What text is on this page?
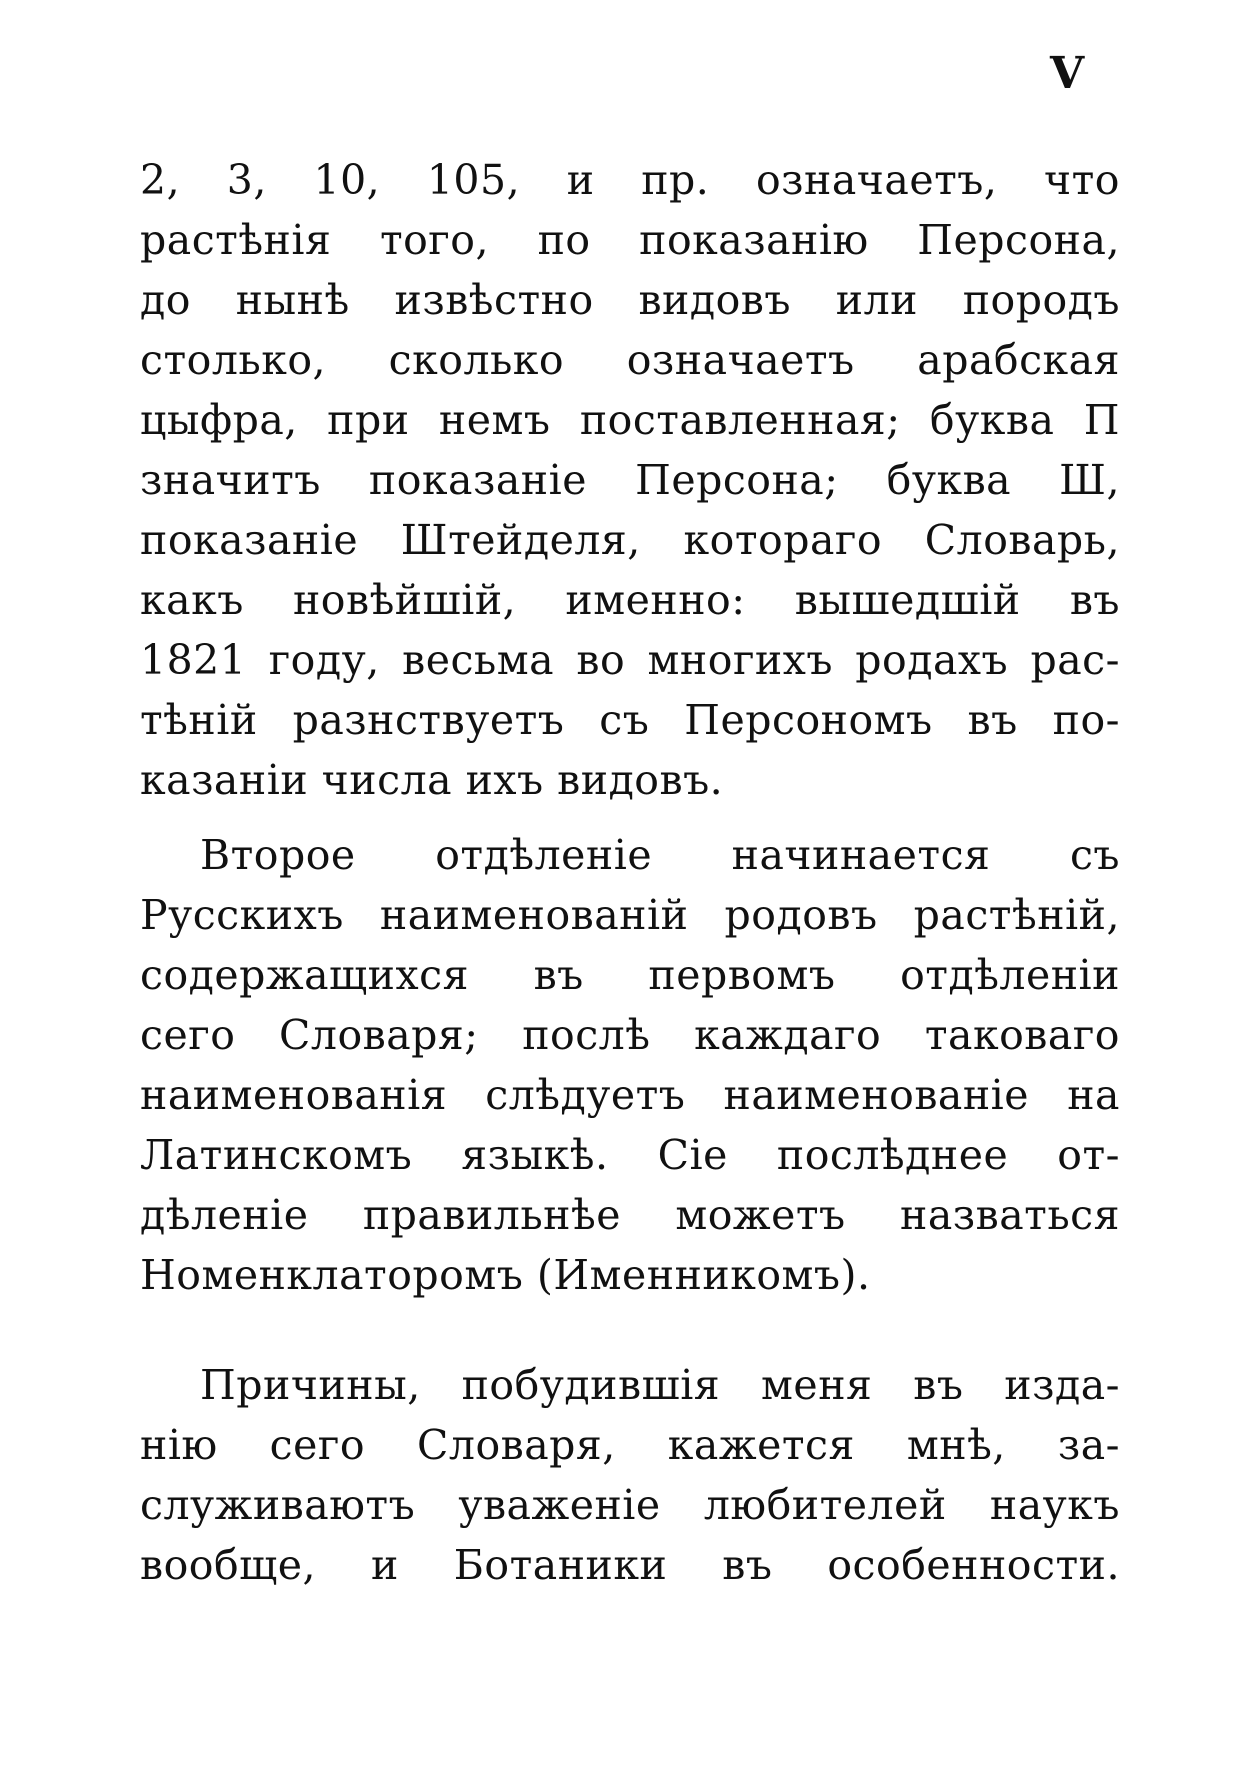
V
2, 3, 10, 105, и пр. означаетъ, что
растѣнія того, по показанію Персона,
до нынѣ извѣстно видовъ или породъ
столько, сколько означаетъ арабская
цыфра, при немъ поставленная; буква П
значитъ показаніе Персона; буква Ш,
показаніе Штейделя, котораго Словарь,
какъ новѣйшій, именно: вышедшій въ
1821 году, весьма во многихъ родахъ рас-
тѣній разнствуетъ съ Персономъ въ по-
казаніи числа ихъ видовъ.
Второе отдѣленіе начинается съ
Русскихъ наименованій родовъ растѣній,
содержащихся въ первомъ отдѣленіи
сего Словаря; послѣ каждаго таковаго
наименованія слѣдуетъ наименованіе на
Латинскомъ языкѣ. Сіе послѣднее от-
дѣленіе правильнѣе можетъ назваться
Номенклаторомъ (Именникомъ).
Причины, побудившія меня въ изда-
нію сего Словаря, кажется мнѣ, за-
служиваютъ уваженіе любителей наукъ
вообще, и Ботаники въ особенности.
